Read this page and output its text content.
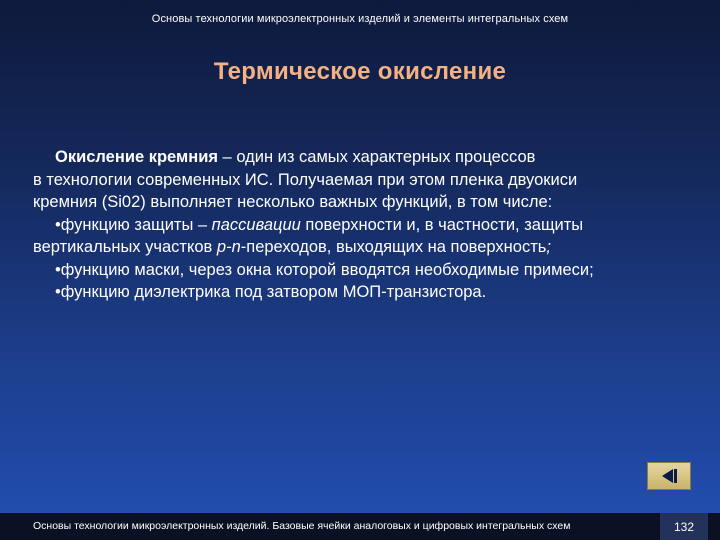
Основы технологии микроэлектронных изделий и элементы интегральных схем
Термическое окисление

Окисление кремния – один из самых характерных процессов

в технологии современных ИС. Получаемая при этом пленка двуокиси

кремния (Si02) выполняет несколько важных функций, в том числе:

•функцию защиты – пассивации поверхности и, в частности, защиты

вертикальных участков p-n-переходов, выходящих на поверхность;

•функцию маски, через окна которой вводятся необходимые примеси;

•функцию диэлектрика под затвором МОП-транзистора.

Основы технологии микроэлектронных изделий. Базовые ячейки аналоговых и цифровых интегральных схем	132
